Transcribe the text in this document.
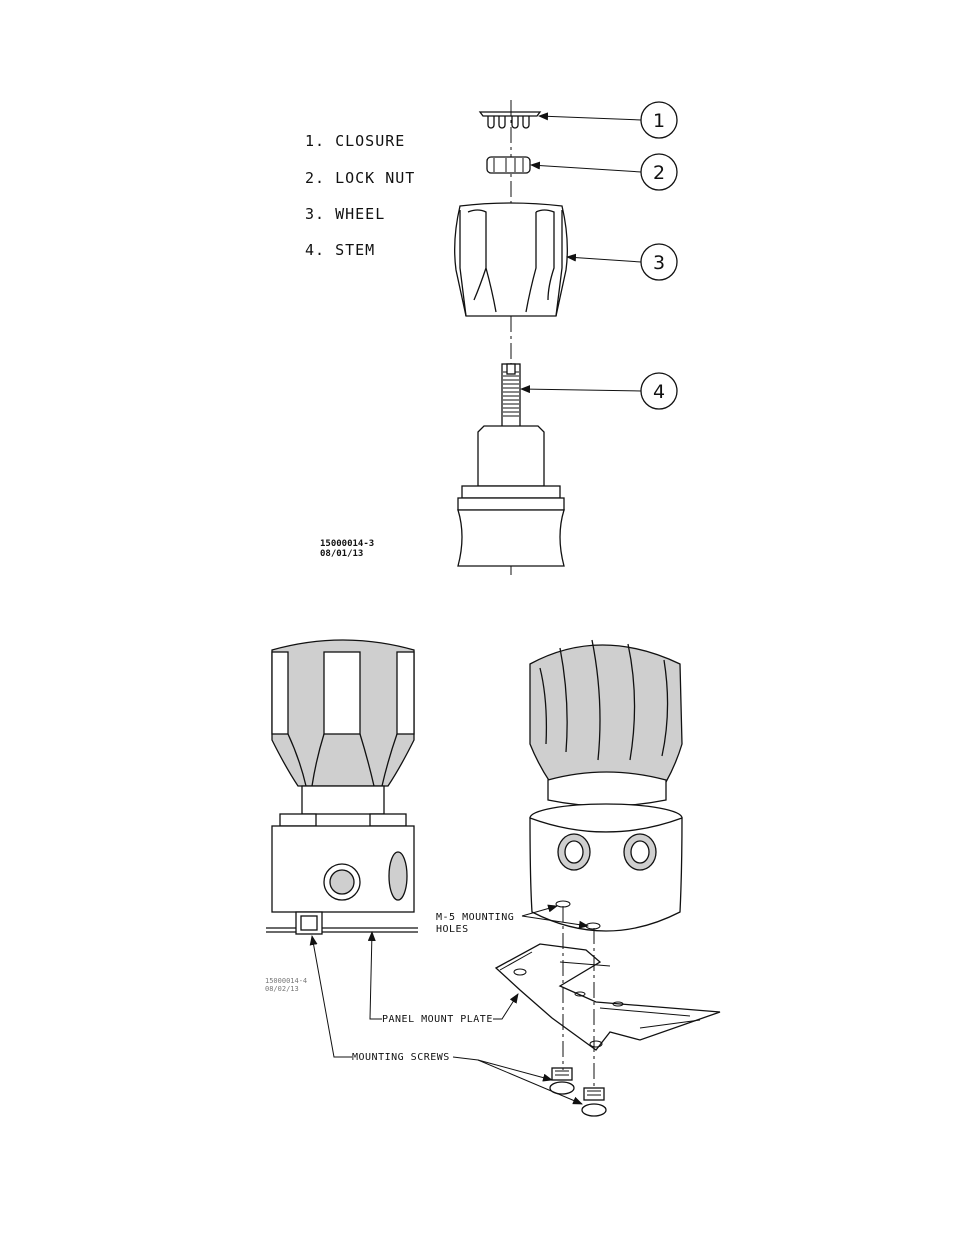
1. CLOSURE
2. LOCK NUT
3. WHEEL
4. STEM
1
2
3
4
15000014-3
08/01/13
15000014-4
08/02/13
M-5 MOUNTING
HOLES
PANEL MOUNT PLATE
MOUNTING SCREWS
